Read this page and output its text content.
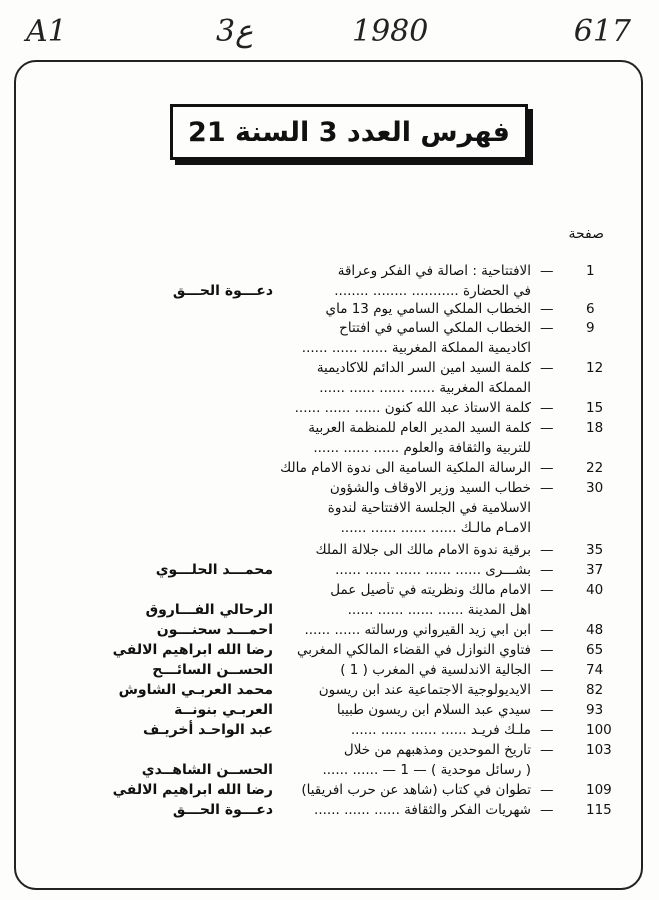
A1	3ع	1980	617
فهرس العدد 3 السنة 21
صفحة
الافتتاحية : اصالة في الفكر وعراقة — 1
دعـــوة الحـــق	في الحضارة ........... ........ ........
الخطاب الملكي السامي يوم 13 ماي — 6
الخطاب الملكي السامي في افتتاح — 9
اكاديمية المملكة المغربية ...... ...... ......
كلمة السيد امين السر الدائم للاكاديمية — 12
المملكة المغربية ...... ...... ...... ......
كلمة الاستاذ عبد الله كنون ...... ...... ...... — 15
كلمة السيد المدير العام للمنظمة العربية — 18
للتربية والثقافة والعلوم ...... ...... ......
الرسالة الملكية السامية الى ندوة الامام مالك — 22
خطاب السيد وزير الاوقاف والشؤون — 30
الاسلامية في الجلسة الافتتاحية لندوة
الامـام مالـك ...... ...... ...... ......
برقية ندوة الامام مالك الى جلالة الملك — 35
محمـــد الحلـــوي	بشـــرى ...... ...... ...... ...... ...... — 37
الامام مالك ونظريته في تأصيل عمل — 40
الرحالي الفـــاروق	اهل المدينة ...... ...... ...... ......
احمـــد سحنـــون	ابن ابي زيد القيرواني ورسالته ...... ...... — 48
رضا الله ابراهيم الالفي	فتاوي النوازل في القضاء المالكي المغربي — 65
الحســن السائـــح	الجالية الاندلسية في المغرب ( 1 ) — 74
محمد العربـي الشاوش	الايديولوجية الاجتماعية عند ابن ريسون — 82
العربـي بنونــة	سيدي عبد السلام ابن ريسون طبيبا — 93
عبد الواحـد أخريـف	ملـك فريـد ...... ...... ...... ...... — 100
تاريخ الموحدين ومذهبهم من خلال — 103
الحســن الشاهــدي	( رسائل موحدية ) — 1 — ...... ......
رضا الله ابراهيم الالفي	تطوان في كتاب (شاهد عن حرب افريقيا) — 109
دعـــوة الحـــق	شهريات الفكر والثقافة ...... ...... ...... — 115
